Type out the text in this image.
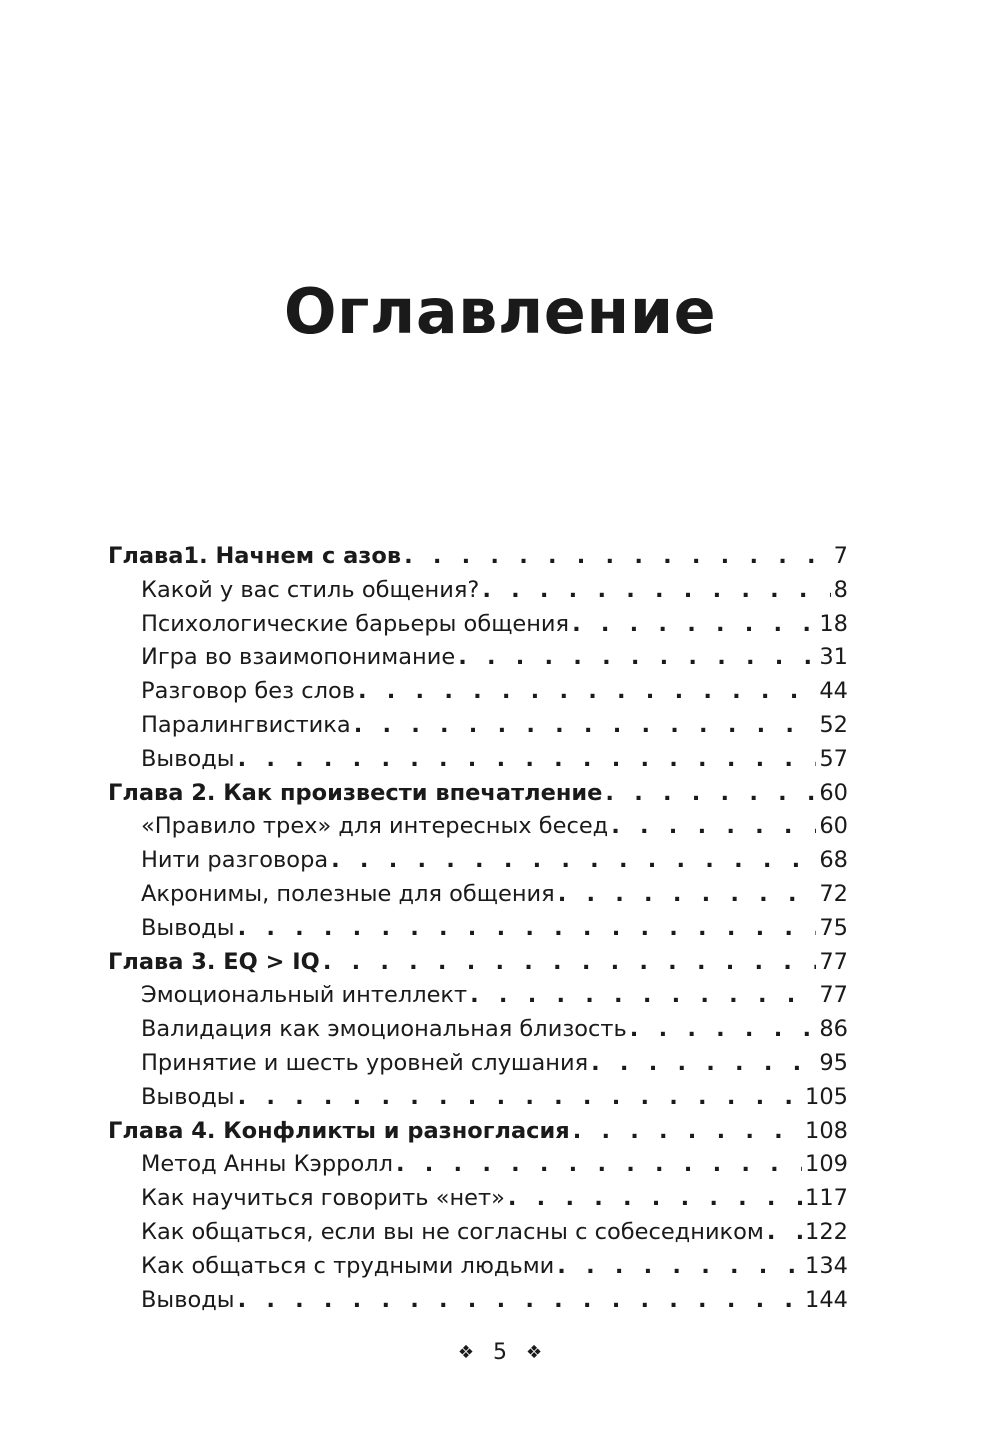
Оглавление
Глава1. Начнем с азов . . .	7
Какой у вас стиль общения? . . .	8
Психологические барьеры общения . . .	18
Игра во взаимопонимание . . .	31
Разговор без слов . . .	44
Паралингвистика . . .	52
Выводы . . .	57
Глава 2. Как произвести впечатление . . .	60
«Правило трех» для интересных бесед . . .	60
Нити разговора . . .	68
Акронимы, полезные для общения . . .	72
Выводы . . .	75
Глава 3. EQ > IQ . . .	77
Эмоциональный интеллект . . .	77
Валидация как эмоциональная близость . . .	86
Принятие и шесть уровней слушания . . .	95
Выводы . . .	105
Глава 4. Конфликты и разногласия . . .	108
Метод Анны Кэрролл . . .	109
Как научиться говорить «нет» . . .	117
Как общаться, если вы не согласны с собеседником . . . 122
Как общаться с трудными людьми . . .	134
Выводы . . .	144
❖ 5 ❖
